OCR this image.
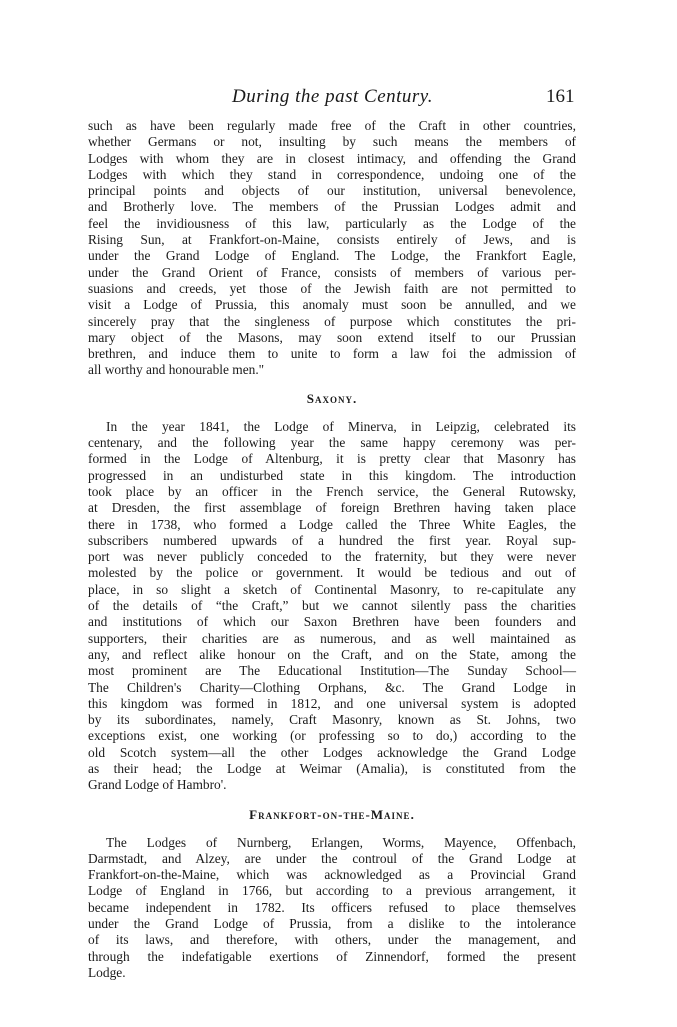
During the past Century.	161

such as have been regularly made free of the Craft in other countries,
whether Germans or not, insulting by such means the members of
Lodges with whom they are in closest intimacy, and offending the Grand
Lodges with which they stand in correspondence, undoing one of the
principal points and objects of our institution, universal benevolence,
and Brotherly love. The members of the Prussian Lodges admit and
feel the invidiousness of this law, particularly as the Lodge of the
Rising Sun, at Frankfort-on-Maine, consists entirely of Jews, and is
under the Grand Lodge of England. The Lodge, the Frankfort Eagle,
under the Grand Orient of France, consists of members of various per-
suasions and creeds, yet those of the Jewish faith are not permitted to
visit a Lodge of Prussia, this anomaly must soon be annulled, and we
sincerely pray that the singleness of purpose which constitutes the pri-
mary object of the Masons, may soon extend itself to our Prussian
brethren, and induce them to unite to form a law foi the admission of
all worthy and honourable men."

Saxony.

In the year 1841, the Lodge of Minerva, in Leipzig, celebrated its
centenary, and the following year the same happy ceremony was per-
formed in the Lodge of Altenburg, it is pretty clear that Masonry has
progressed in an undisturbed state in this kingdom. The introduction
took place by an officer in the French service, the General Rutowsky,
at Dresden, the first assemblage of foreign Brethren having taken place
there in 1738, who formed a Lodge called the Three White Eagles, the
subscribers numbered upwards of a hundred the first year. Royal sup-
port was never publicly conceded to the fraternity, but they were never
molested by the police or government. It would be tedious and out of
place, in so slight a sketch of Continental Masonry, to re-capitulate any
of the details of “the Craft,” but we cannot silently pass the charities
and institutions of which our Saxon Brethren have been founders and
supporters, their charities are as numerous, and as well maintained as
any, and reflect alike honour on the Craft, and on the State, among the
most prominent are The Educational Institution—The Sunday School—
The Children's Charity—Clothing Orphans, &c. The Grand Lodge in
this kingdom was formed in 1812, and one universal system is adopted
by its subordinates, namely, Craft Masonry, known as St. Johns, two
exceptions exist, one working (or professing so to do,) according to the
old Scotch system—all the other Lodges acknowledge the Grand Lodge
as their head; the Lodge at Weimar (Amalia), is constituted from the
Grand Lodge of Hambro'.

Frankfort-on-the-Maine.

The Lodges of Nurnberg, Erlangen, Worms, Mayence, Offenbach,
Darmstadt, and Alzey, are under the controul of the Grand Lodge at
Frankfort-on-the-Maine, which was acknowledged as a Provincial Grand
Lodge of England in 1766, but according to a previous arrangement, it
became independent in 1782. Its officers refused to place themselves
under the Grand Lodge of Prussia, from a dislike to the intolerance
of its laws, and therefore, with others, under the management, and
through the indefatigable exertions of Zinnendorf, formed the present
Lodge.
